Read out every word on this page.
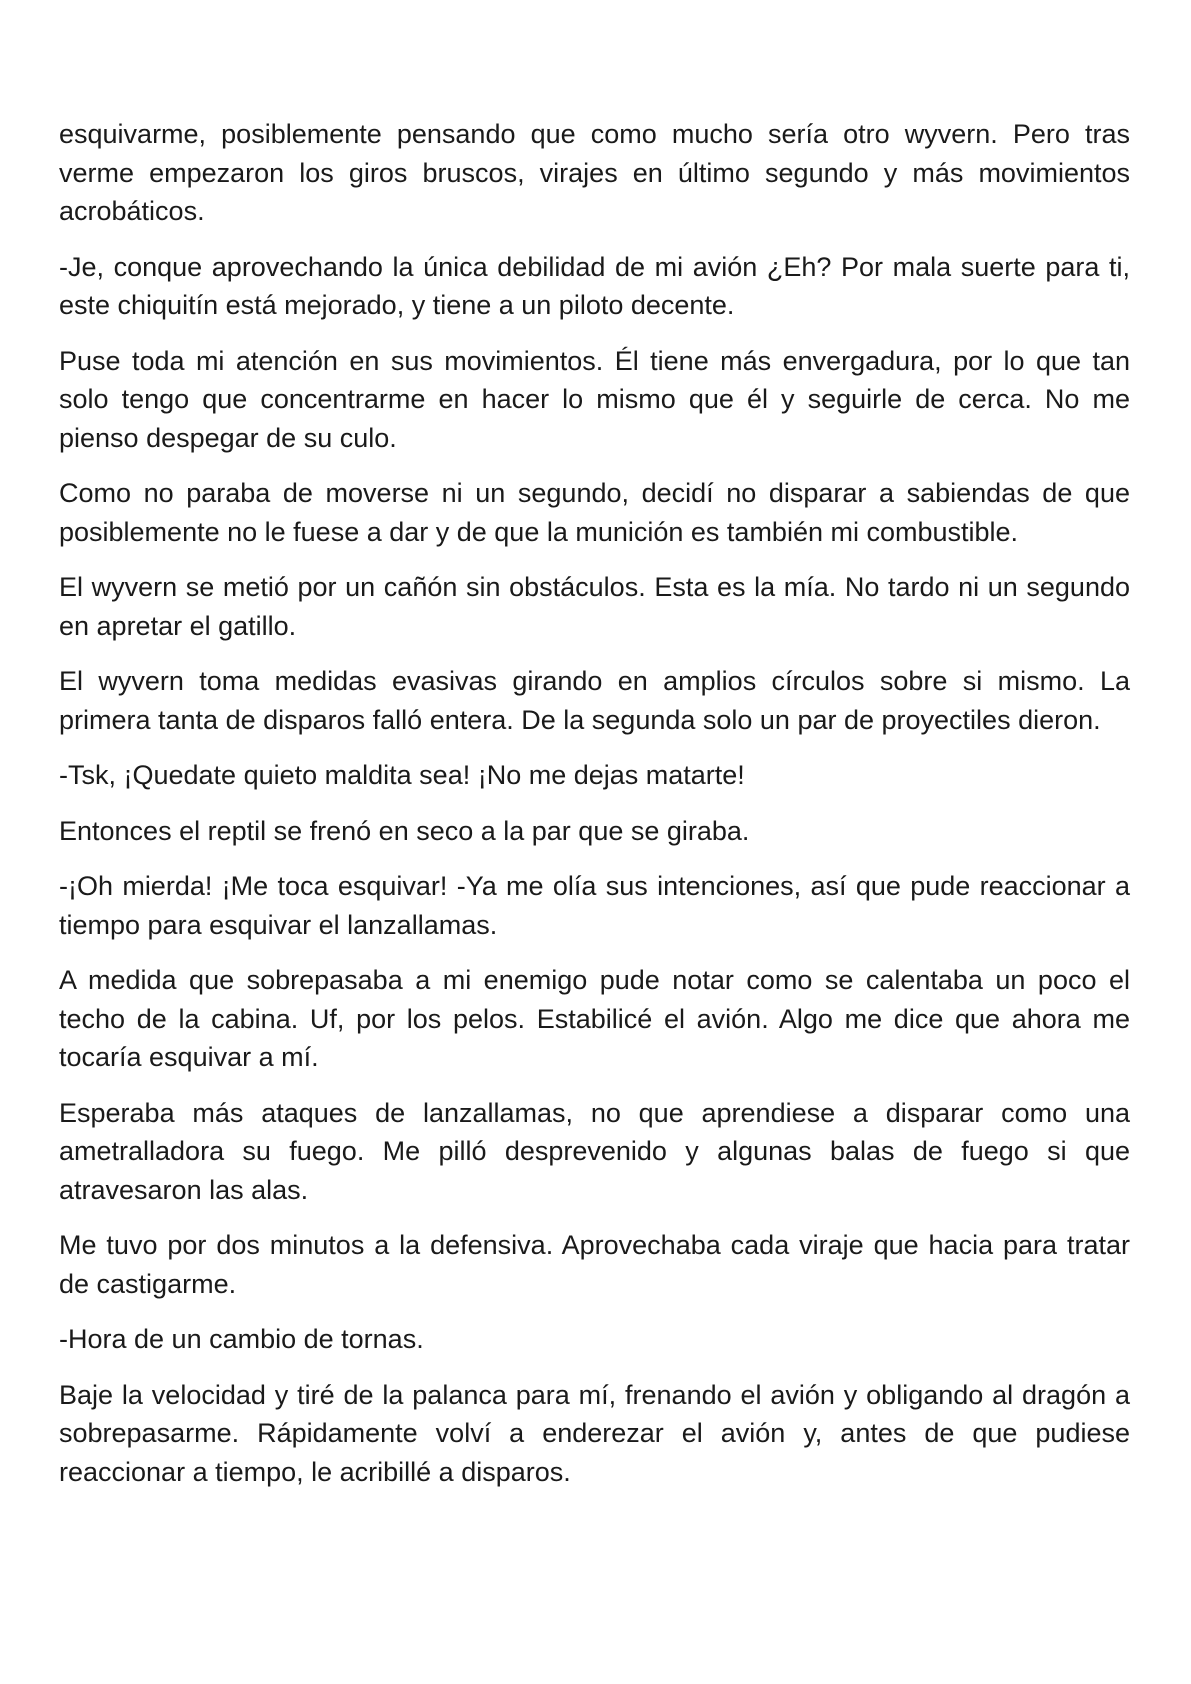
esquivarme, posiblemente pensando que como mucho sería otro wyvern. Pero tras verme empezaron los giros bruscos, virajes en último segundo y más movimientos acrobáticos.

-Je, conque aprovechando la única debilidad de mi avión ¿Eh? Por mala suerte para ti, este chiquitín está mejorado, y tiene a un piloto decente.

Puse toda mi atención en sus movimientos. Él tiene más envergadura, por lo que tan solo tengo que concentrarme en hacer lo mismo que él y seguirle de cerca. No me pienso despegar de su culo.

Como no paraba de moverse ni un segundo, decidí no disparar a sabiendas de que posiblemente no le fuese a dar y de que la munición es también mi combustible.

El wyvern se metió por un cañón sin obstáculos. Esta es la mía. No tardo ni un segundo en apretar el gatillo.

El wyvern toma medidas evasivas girando en amplios círculos sobre si mismo. La primera tanta de disparos falló entera. De la segunda solo un par de proyectiles dieron.

-Tsk, ¡Quedate quieto maldita sea! ¡No me dejas matarte!

Entonces el reptil se frenó en seco a la par que se giraba.

-¡Oh mierda! ¡Me toca esquivar! -Ya me olía sus intenciones, así que pude reaccionar a tiempo para esquivar el lanzallamas.

A medida que sobrepasaba a mi enemigo pude notar como se calentaba un poco el techo de la cabina. Uf, por los pelos. Estabilicé el avión. Algo me dice que ahora me tocaría esquivar a mí.

Esperaba más ataques de lanzallamas, no que aprendiese a disparar como una ametralladora su fuego. Me pilló desprevenido y algunas balas de fuego si que atravesaron las alas.

Me tuvo por dos minutos a la defensiva. Aprovechaba cada viraje que hacia para tratar de castigarme.

-Hora de un cambio de tornas.

Baje la velocidad y tiré de la palanca para mí, frenando el avión y obligando al dragón a sobrepasarme. Rápidamente volví a enderezar el avión y, antes de que pudiese reaccionar a tiempo, le acribillé a disparos.
